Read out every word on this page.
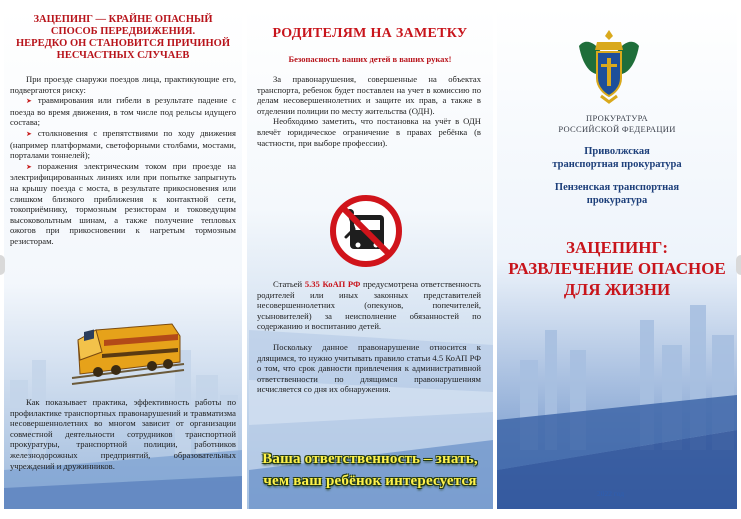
ЗАЦЕПИНГ — КРАЙНЕ ОПАСНЫЙ
СПОСОБ ПЕРЕДВИЖЕНИЯ.
НЕРЕДКО ОН СТАНОВИТСЯ ПРИЧИНОЙ
НЕСЧАСТНЫХ СЛУЧАЕВ

При проезде снаружи поездов лица, практикующие его, подвергаются риску:

➤ травмирования или гибели в результате падение с поезда во время движения, в том числе под рельсы идущего состава;

➤ столкновения с препятствиями по ходу движения (например платформами, светофорными столбами, мостами, порталами тоннелей);

➤ поражения электрическим током при проезде на электрифицированных линиях или при попытке запрыгнуть на крышу поезда с моста, в результате прикосновения или слишком близкого приближения к контактной сети, токоприёмнику, тормозным резисторам и токоведущим высоковольтным шинам, а также получение тепловых ожогов при прикосновении к нагретым тормозным резисторам.

Как показывает практика, эффективность работы по профилактике транспортных правонарушений и травматизма несовершеннолетних во многом зависит от организации совместной деятельности сотрудников транспортной прокуратуры, транспортной полиции, работников железнодорожных предприятий, образовательных учреждений и дружинников.

РОДИТЕЛЯМ НА ЗАМЕТКУ
Безопасность ваших детей в ваших руках!

За правонарушения, совершенные на объектах транспорта, ребенок будет поставлен на учет в комиссию по делам несовершеннолетних и защите их прав, а также в отделении полиции по месту жительства (ОДН).

Необходимо заметить, что постановка на учёт в ОДН влечёт юридическое ограничение в правах ребёнка (в частности, при выборе профессии).

Статьей 5.35 КоАП РФ предусмотрена ответственность родителей или иных законных представителей несовершеннолетних (опекунов, попечителей, усыновителей) за неисполнение обязанностей по содержанию и воспитанию детей.

Поскольку данное правонарушение относится к длящимся, то нужно учитывать правило статьи 4.5 КоАП РФ о том, что срок давности привлечения к административной ответственности по длящимся правонарушениям исчисляется со дня их обнаружения.

Ваша ответственность – знать,
чем ваш ребёнок интересуется
ПРОКУРАТУРА
РОССИЙСКОЙ ФЕДЕРАЦИИ
Приволжская
транспортная прокуратура
Пензенская транспортная
прокуратура
ЗАЦЕПИНГ:
РАЗВЛЕЧЕНИЕ ОПАСНОЕ
ДЛЯ ЖИЗНИ
2022 год
